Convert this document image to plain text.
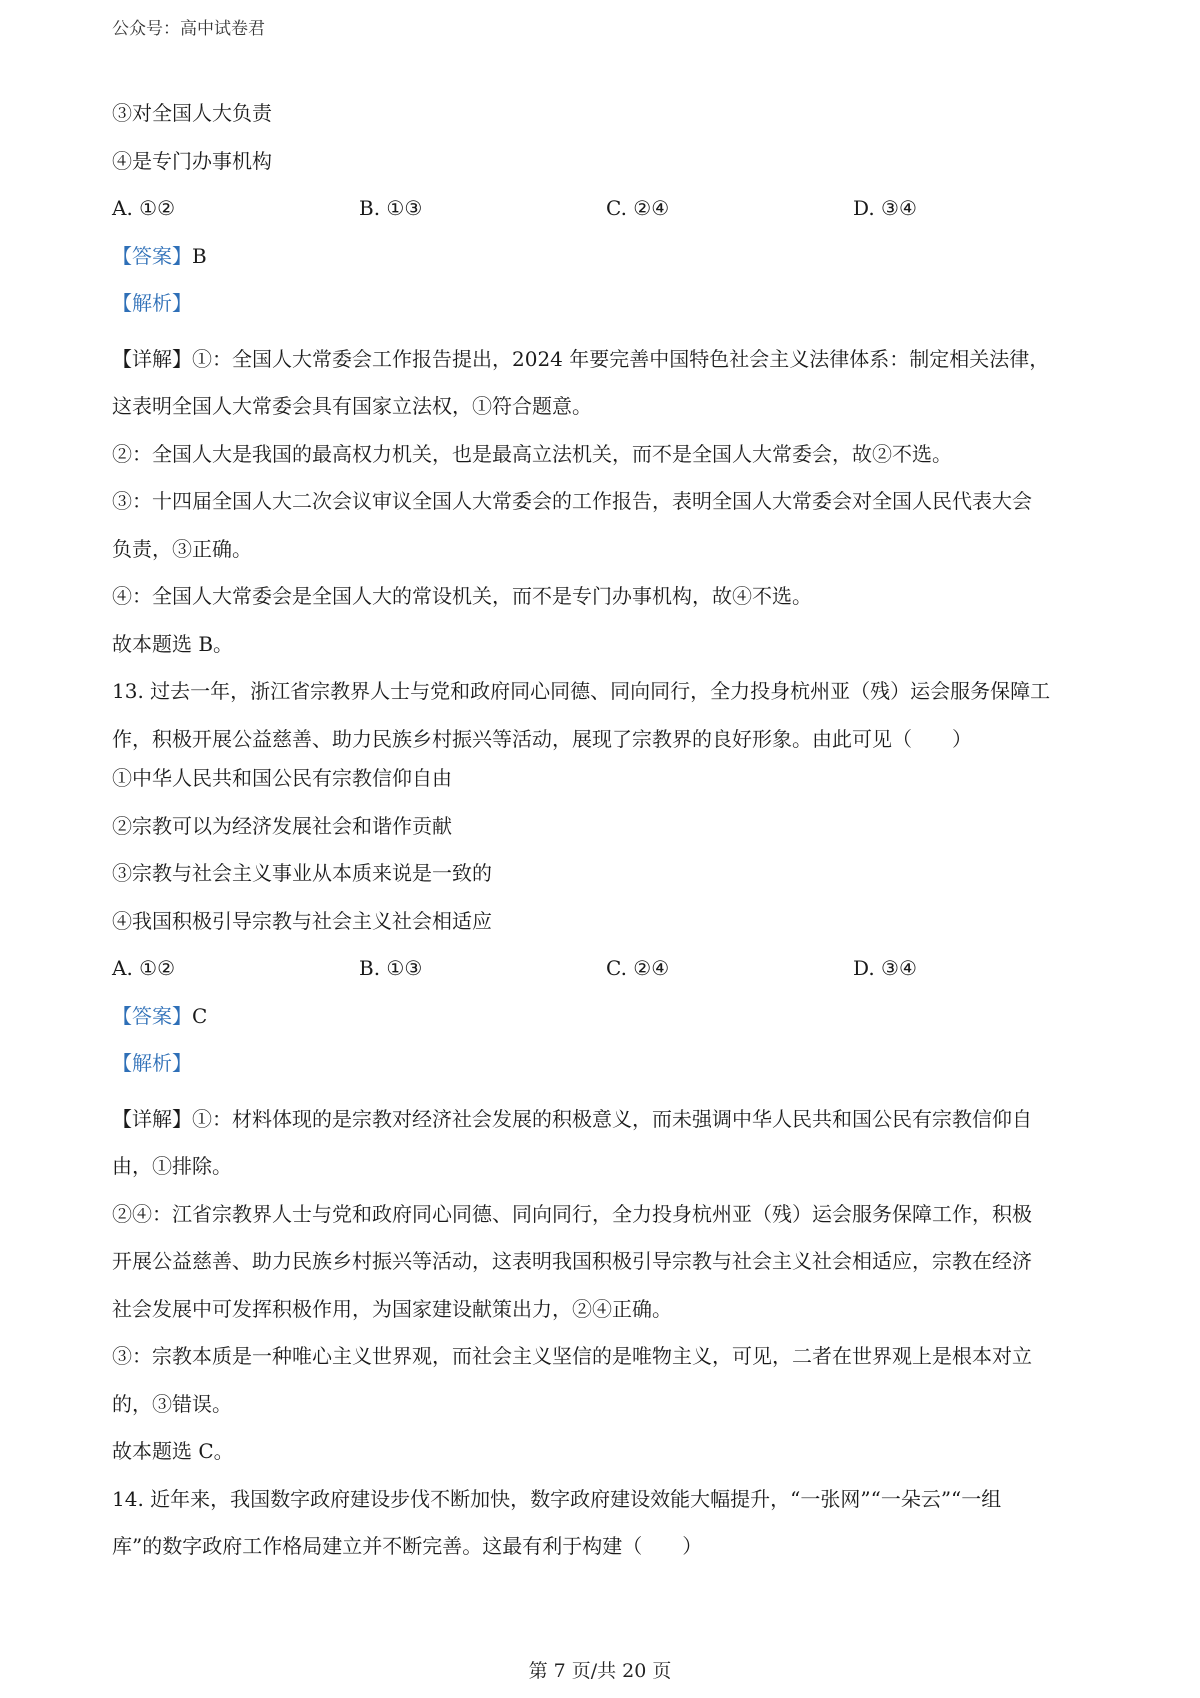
公众号：高中试卷君
③对全国人大负责
④是专门办事机构
A. ①②	B. ①③	C. ②④	D. ③④
【答案】B
【解析】
【详解】①：全国人大常委会工作报告提出，2024 年要完善中国特色社会主义法律体系：制定相关法律，
这表明全国人大常委会具有国家立法权，①符合题意。
②：全国人大是我国的最高权力机关，也是最高立法机关，而不是全国人大常委会，故②不选。
③：十四届全国人大二次会议审议全国人大常委会的工作报告，表明全国人大常委会对全国人民代表大会
负责，③正确。
④：全国人大常委会是全国人大的常设机关，而不是专门办事机构，故④不选。
故本题选 B。
13. 过去一年，浙江省宗教界人士与党和政府同心同德、同向同行，全力投身杭州亚（残）运会服务保障工
作，积极开展公益慈善、助力民族乡村振兴等活动，展现了宗教界的良好形象。由此可见（　　）
①中华人民共和国公民有宗教信仰自由
②宗教可以为经济发展社会和谐作贡献
③宗教与社会主义事业从本质来说是一致的
④我国积极引导宗教与社会主义社会相适应
A. ①②	B. ①③	C. ②④	D. ③④
【答案】C
【解析】
【详解】①：材料体现的是宗教对经济社会发展的积极意义，而未强调中华人民共和国公民有宗教信仰自
由，①排除。
②④：江省宗教界人士与党和政府同心同德、同向同行，全力投身杭州亚（残）运会服务保障工作，积极
开展公益慈善、助力民族乡村振兴等活动，这表明我国积极引导宗教与社会主义社会相适应，宗教在经济
社会发展中可发挥积极作用，为国家建设献策出力，②④正确。
③：宗教本质是一种唯心主义世界观，而社会主义坚信的是唯物主义，可见，二者在世界观上是根本对立
的，③错误。
故本题选 C。
14. 近年来，我国数字政府建设步伐不断加快，数字政府建设效能大幅提升，“一张网”“一朵云”“一组
库”的数字政府工作格局建立并不断完善。这最有利于构建（　　）
第 7 页/共 20 页
